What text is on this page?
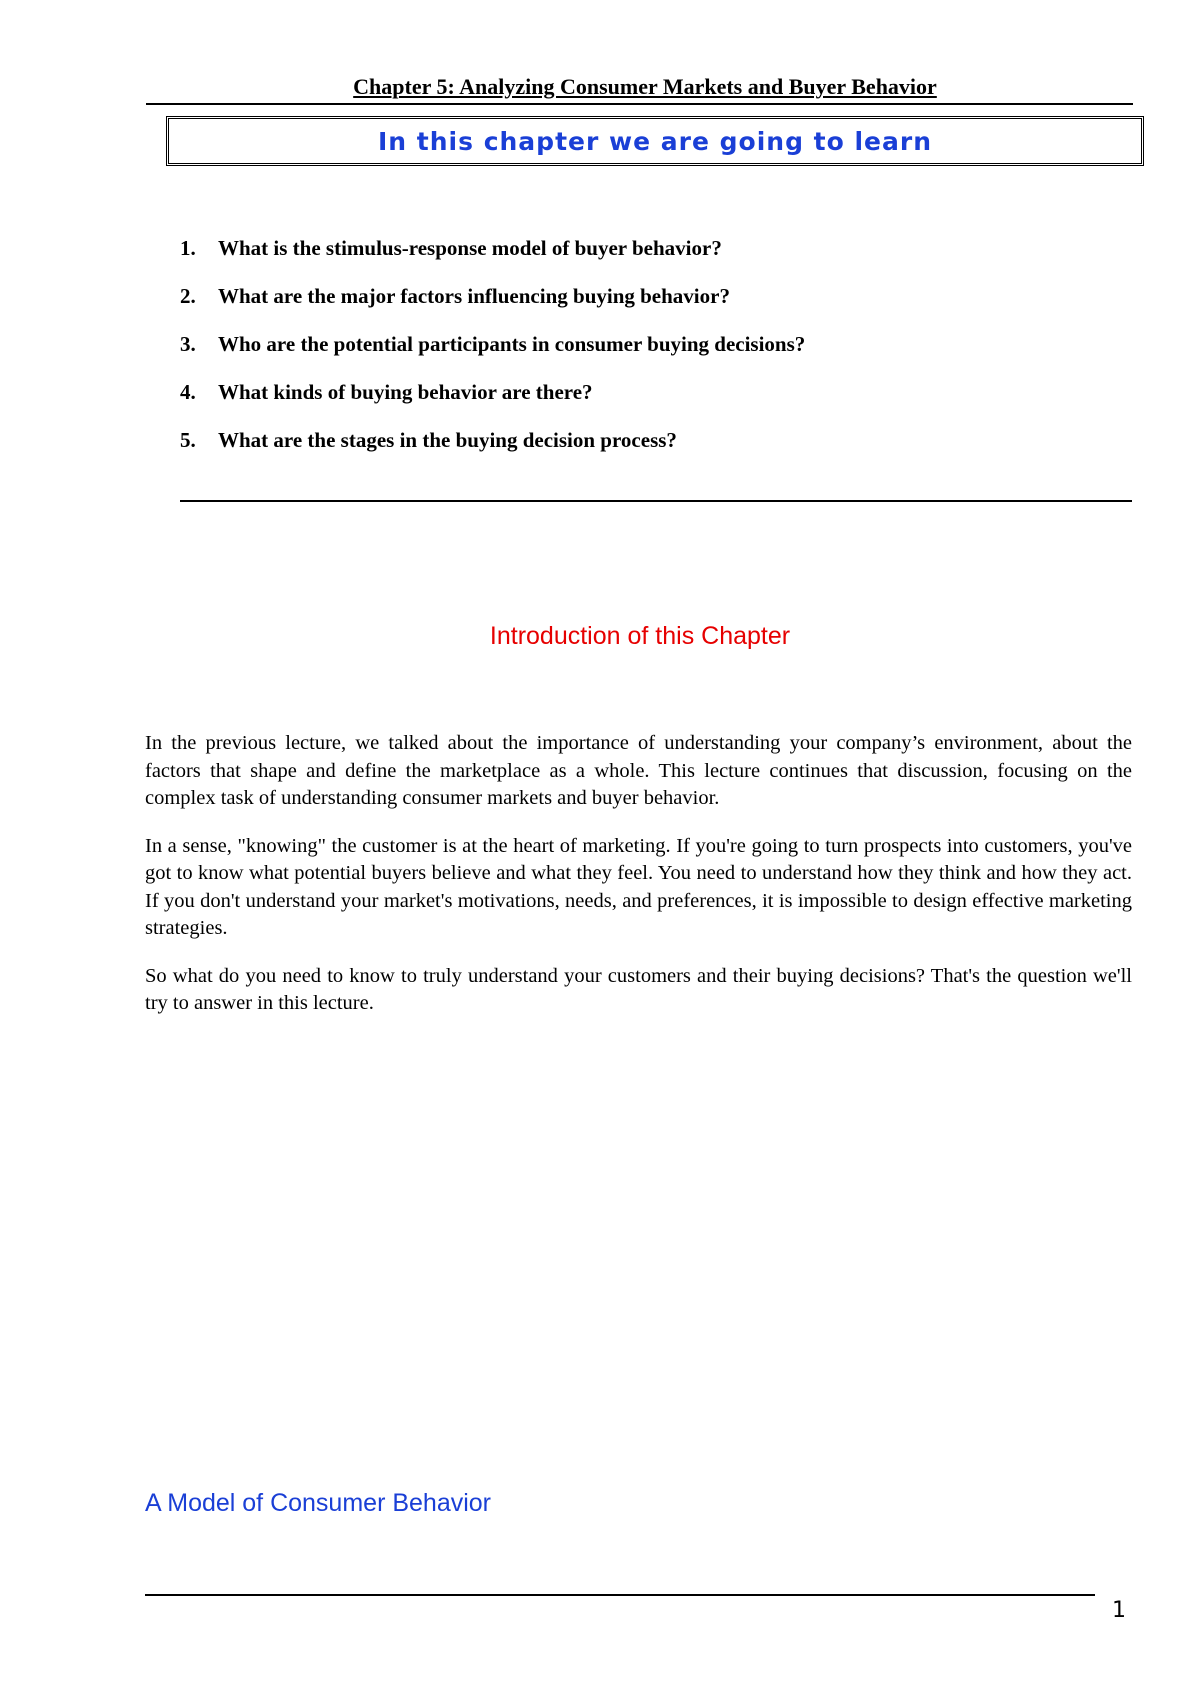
Chapter 5: Analyzing Consumer Markets and Buyer Behavior
In this chapter we are going to learn
1.	What is the stimulus-response model of buyer behavior?
2.	What are the major factors influencing buying behavior?
3.	Who are the potential participants in consumer buying decisions?
4.	What kinds of buying behavior are there?
5.	What are the stages in the buying decision process?
Introduction of this Chapter

In the previous lecture, we talked about the importance of understanding your company’s environment, about the factors that shape and define the marketplace as a whole. This lecture continues that discussion, focusing on the complex task of understanding consumer markets and buyer behavior.

In a sense, "knowing" the customer is at the heart of marketing. If you're going to turn prospects into customers, you've got to know what potential buyers believe and what they feel. You need to understand how they think and how they act. If you don't understand your market's motivations, needs, and preferences, it is impossible to design effective marketing strategies.

So what do you need to know to truly understand your customers and their buying decisions? That's the question we'll try to answer in this lecture.

A Model of Consumer Behavior
1
